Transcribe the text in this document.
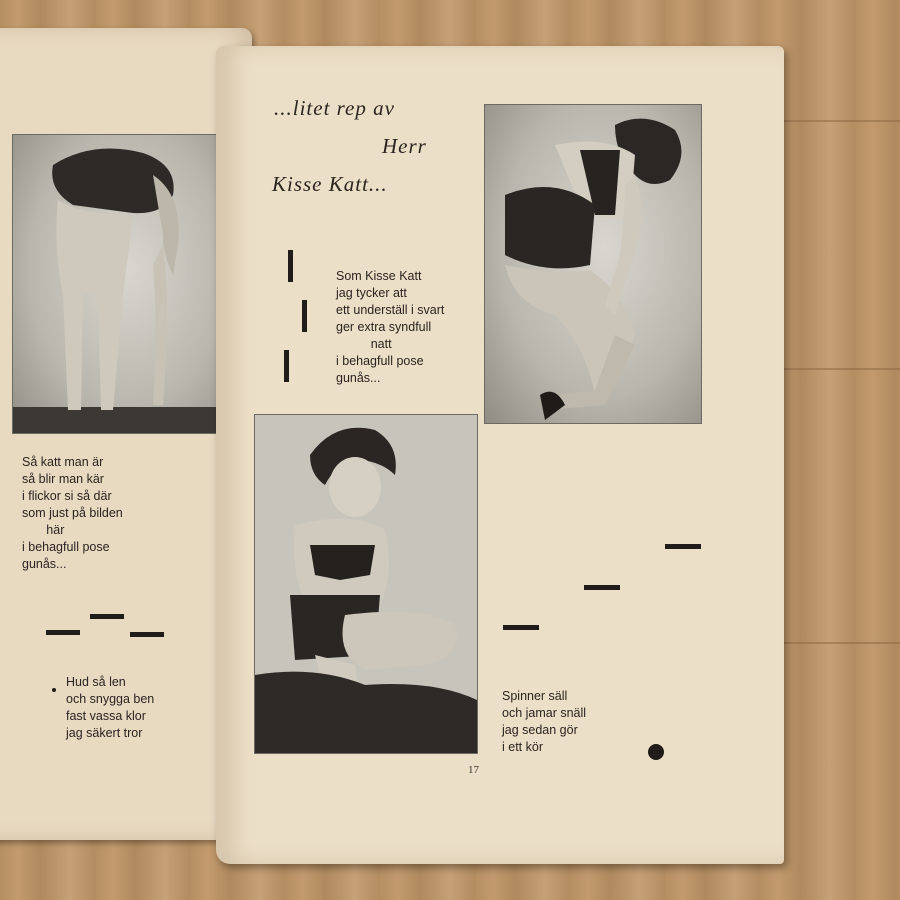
Så katt man är
så blir man kär
i flickor si så där
som just på bilden
här
i behagfull pose
gunås...
Hud så len
och snygga ben
fast vassa klor
jag säkert tror
...litet rep av
Herr
Kisse Katt...
Som Kisse Katt
jag tycker att
ett underställ i svart
ger extra syndfull
natt
i behagfull pose
gunås...
Spinner säll
och jamar snäll
jag sedan gör
i ett kör
17
